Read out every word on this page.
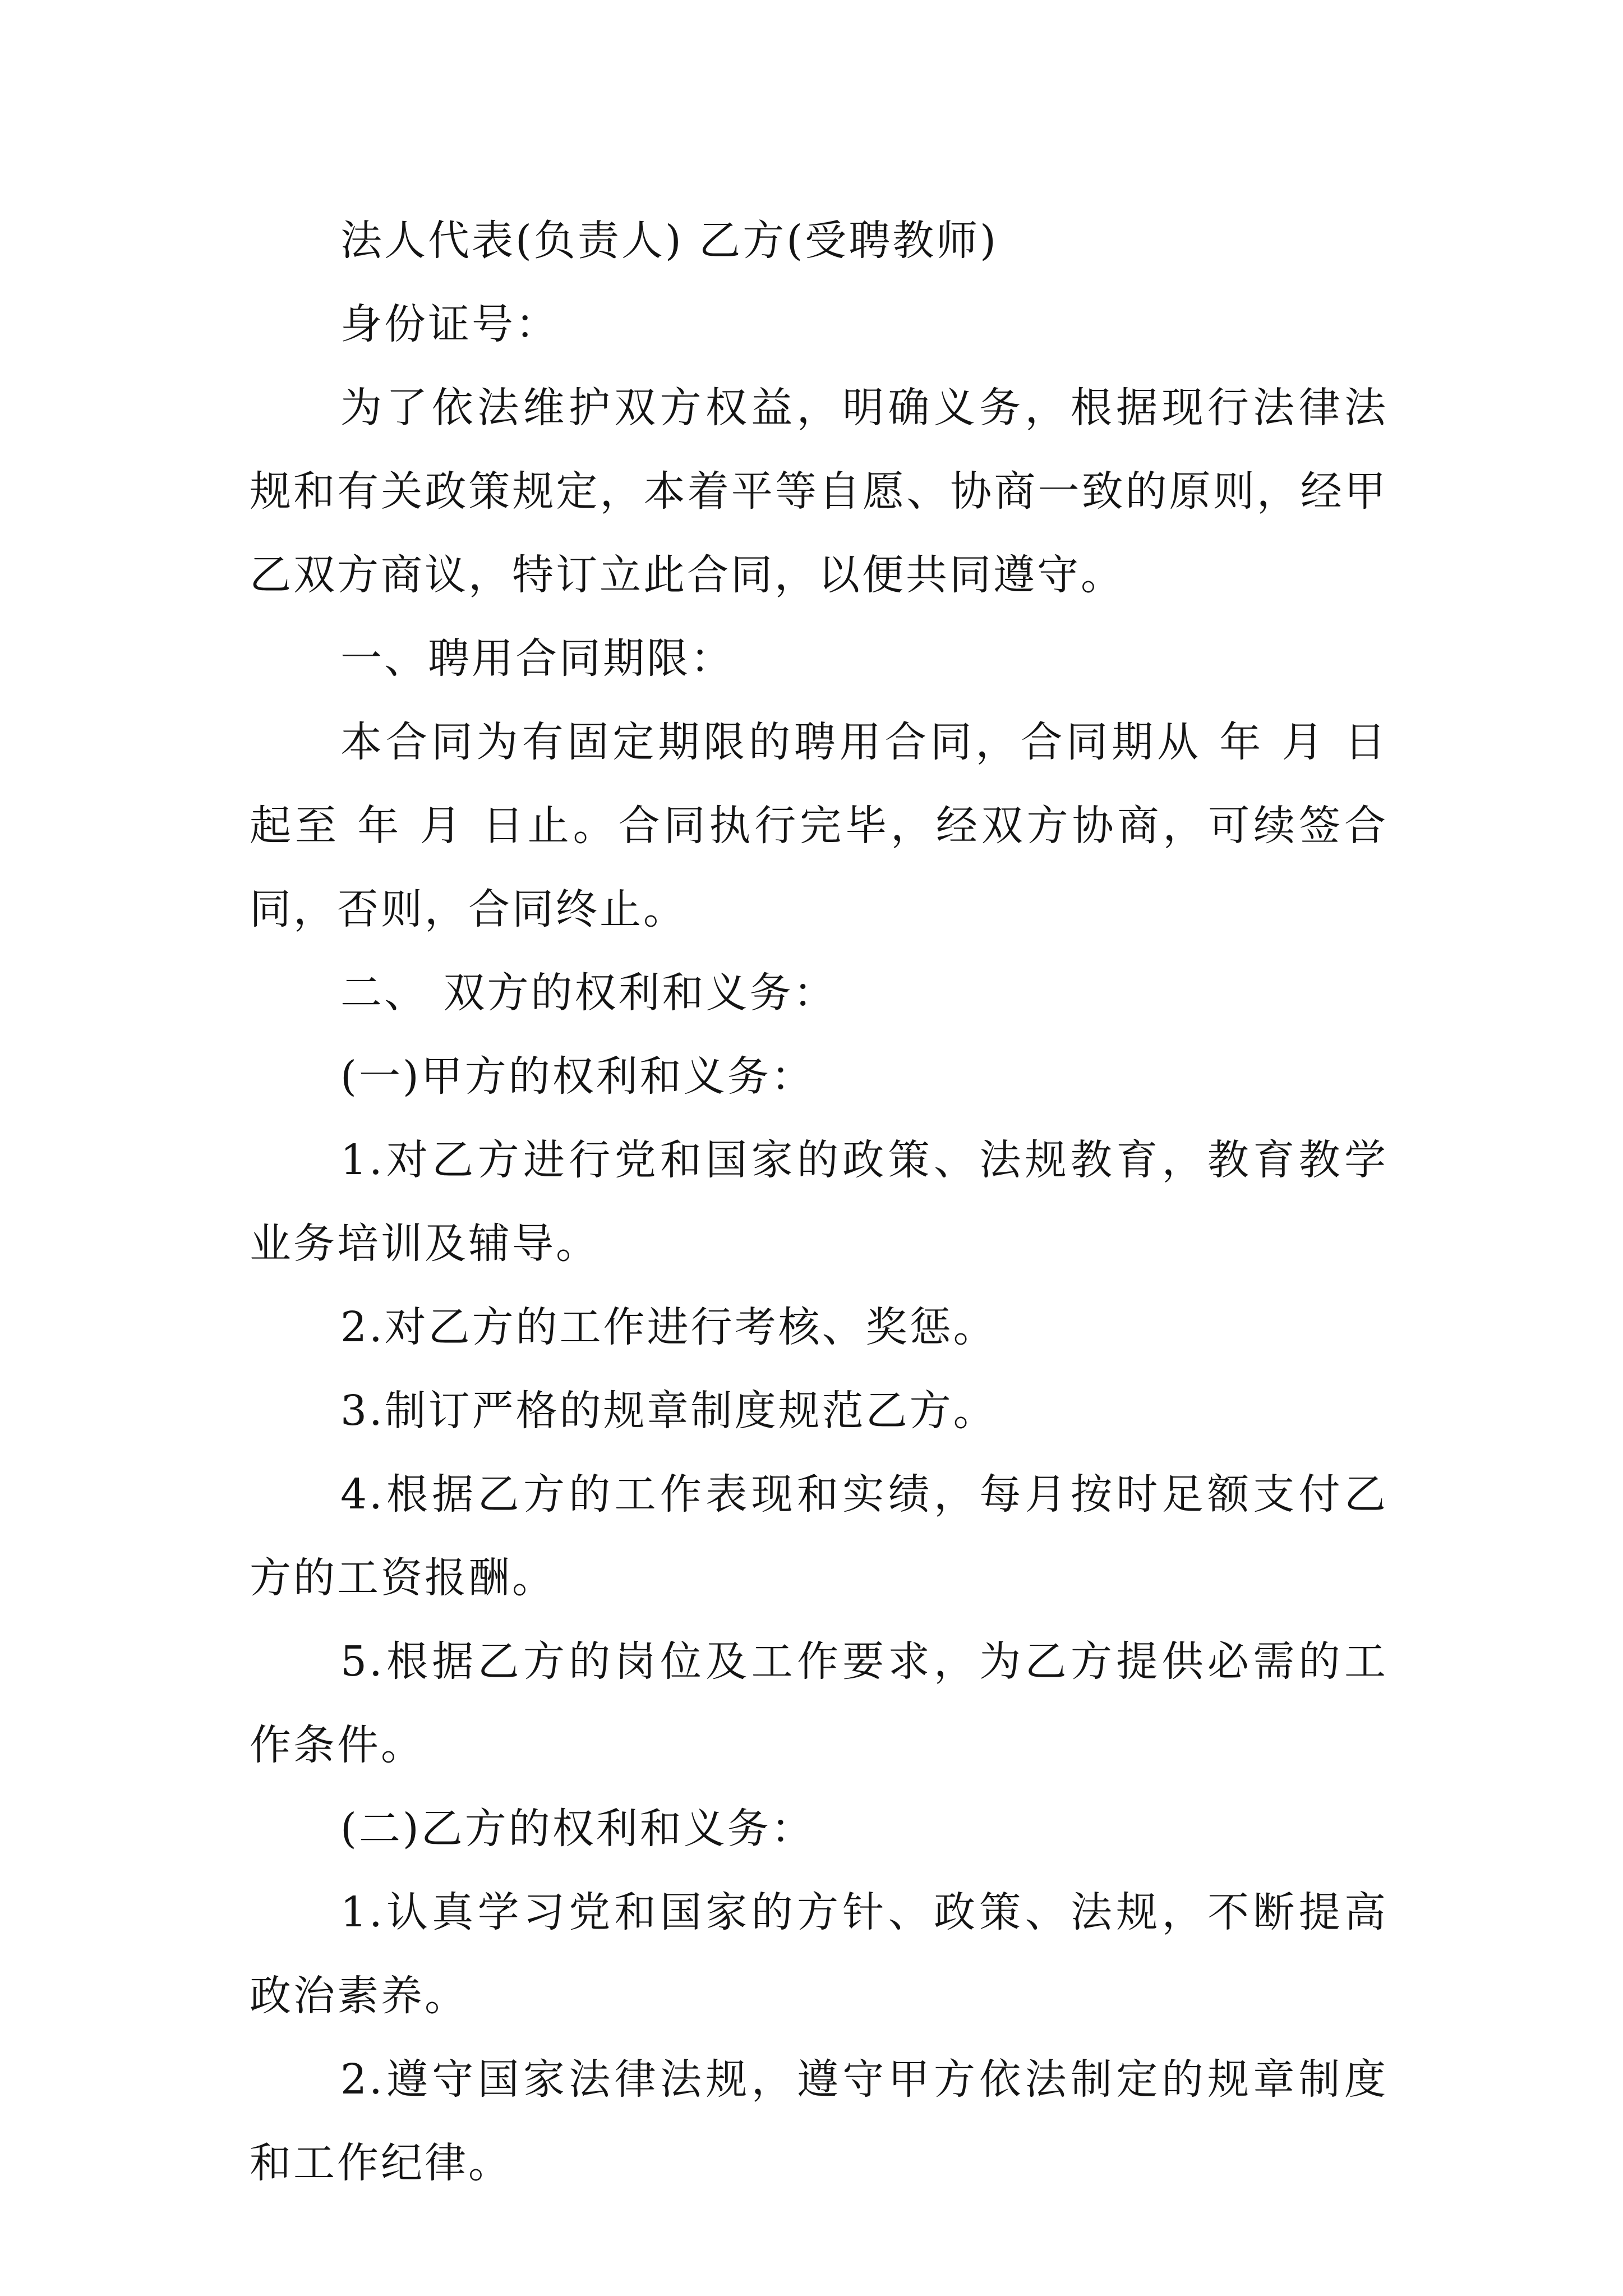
法人代表(负责人) 乙方(受聘教师)

身份证号：

为了依法维护双方权益，明确义务，根据现行法律法规和有关政策规定，本着平等自愿、协商一致的原则，经甲乙双方商议，特订立此合同，以便共同遵守。

一、聘用合同期限：

本合同为有固定期限的聘用合同，合同期从 年 月 日起至 年 月 日止。合同执行完毕，经双方协商，可续签合同，否则，合同终止。

二、 双方的权利和义务：

(一)甲方的权利和义务：

1.对乙方进行党和国家的政策、法规教育，教育教学业务培训及辅导。

2.对乙方的工作进行考核、奖惩。

3.制订严格的规章制度规范乙方。

4.根据乙方的工作表现和实绩，每月按时足额支付乙方的工资报酬。

5.根据乙方的岗位及工作要求，为乙方提供必需的工作条件。

(二)乙方的权利和义务：

1.认真学习党和国家的方针、政策、法规，不断提高政治素养。

2.遵守国家法律法规，遵守甲方依法制定的规章制度和工作纪律。
